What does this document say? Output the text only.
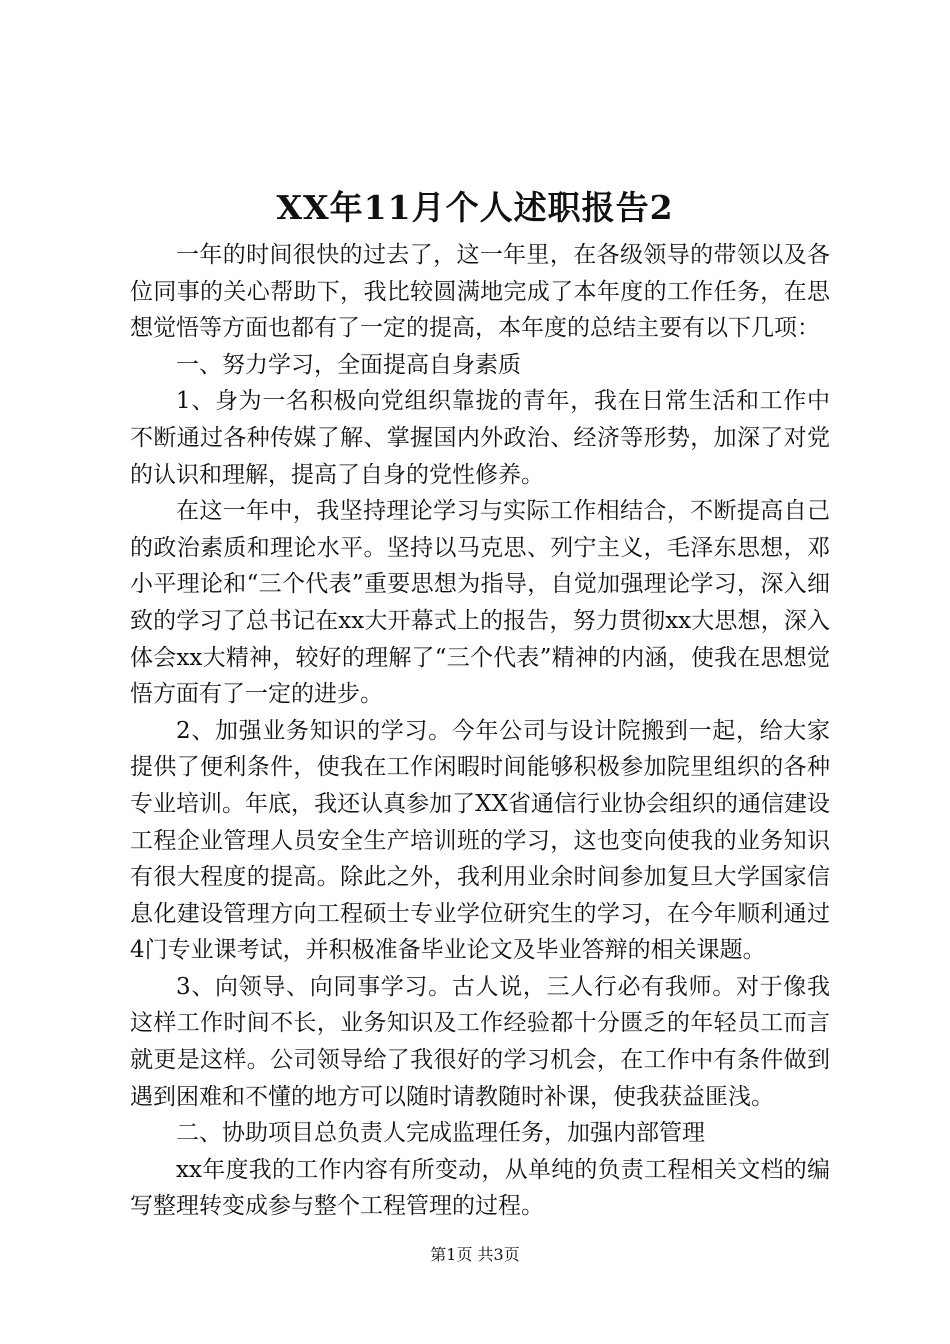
XX年11月个人述职报告2

一年的时间很快的过去了，这一年里，在各级领导的带领以及各位同事的关心帮助下，我比较圆满地完成了本年度的工作任务，在思想觉悟等方面也都有了一定的提高，本年度的总结主要有以下几项：

一、努力学习，全面提高自身素质

1、身为一名积极向党组织靠拢的青年，我在日常生活和工作中不断通过各种传媒了解、掌握国内外政治、经济等形势，加深了对党的认识和理解，提高了自身的党性修养。

在这一年中，我坚持理论学习与实际工作相结合，不断提高自己的政治素质和理论水平。坚持以马克思、列宁主义，毛泽东思想，邓小平理论和“三个代表”重要思想为指导，自觉加强理论学习，深入细致的学习了总书记在xx大开幕式上的报告，努力贯彻xx大思想，深入体会xx大精神，较好的理解了“三个代表”精神的内涵，使我在思想觉悟方面有了一定的进步。

2、加强业务知识的学习。今年公司与设计院搬到一起，给大家提供了便利条件，使我在工作闲暇时间能够积极参加院里组织的各种专业培训。年底，我还认真参加了XX省通信行业协会组织的通信建设工程企业管理人员安全生产培训班的学习，这也变向使我的业务知识有很大程度的提高。除此之外，我利用业余时间参加复旦大学国家信息化建设管理方向工程硕士专业学位研究生的学习，在今年顺利通过4门专业课考试，并积极准备毕业论文及毕业答辩的相关课题。

3、向领导、向同事学习。古人说，三人行必有我师。对于像我这样工作时间不长，业务知识及工作经验都十分匮乏的年轻员工而言就更是这样。公司领导给了我很好的学习机会，在工作中有条件做到遇到困难和不懂的地方可以随时请教随时补课，使我获益匪浅。

二、协助项目总负责人完成监理任务，加强内部管理

xx年度我的工作内容有所变动，从单纯的负责工程相关文档的编写整理转变成参与整个工程管理的过程。

第1页 共3页
